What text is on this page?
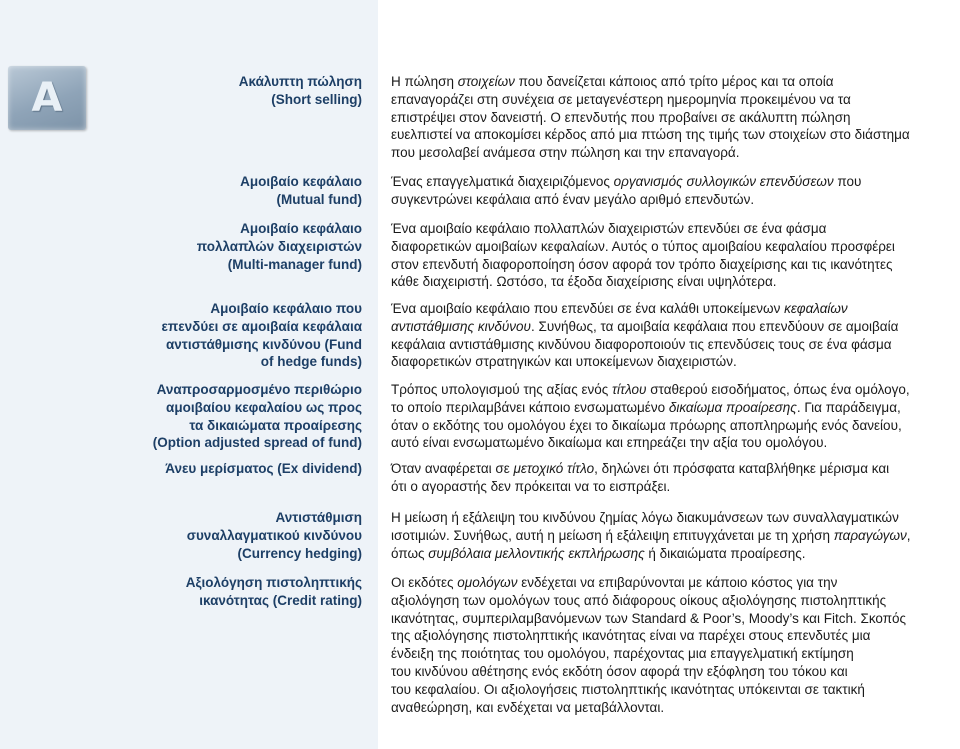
A	Ακάλυπτη πώληση
(Short selling)
Η πώληση στοιχείων που δανείζεται κάποιος από τρίτο μέρος και τα οποία
επαναγοράζει στη συνέχεια σε μεταγενέστερη ημερομηνία προκειμένου να τα
επιστρέψει στον δανειστή. Ο επενδυτής που προβαίνει σε ακάλυπτη πώληση
ευελπιστεί να αποκομίσει κέρδος από μια πτώση της τιμής των στοιχείων στο διάστημα
που μεσολαβεί ανάμεσα στην πώληση και την επαναγορά.
Αμοιβαίο κεφάλαιο
(Mutual fund)
Ένας επαγγελματικά διαχειριζόμενος οργανισμός συλλογικών επενδύσεων που
συγκεντρώνει κεφάλαια από έναν μεγάλο αριθμό επενδυτών.
Αμοιβαίο κεφάλαιο
πολλαπλών διαχειριστών
(Multi-manager fund)
Ένα αμοιβαίο κεφάλαιο πολλαπλών διαχειριστών επενδύει σε ένα φάσμα
διαφορετικών αμοιβαίων κεφαλαίων. Αυτός ο τύπος αμοιβαίου κεφαλαίου προσφέρει
στον επενδυτή διαφοροποίηση όσον αφορά τον τρόπο διαχείρισης και τις ικανότητες
κάθε διαχειριστή. Ωστόσο, τα έξοδα διαχείρισης είναι υψηλότερα.
Αμοιβαίο κεφάλαιο που
επενδύει σε αμοιβαία κεφάλαια
αντιστάθμισης κινδύνου (Fund
of hedge funds)
Ένα αμοιβαίο κεφάλαιο που επενδύει σε ένα καλάθι υποκείμενων κεφαλαίων
αντιστάθμισης κινδύνου. Συνήθως, τα αμοιβαία κεφάλαια που επενδύουν σε αμοιβαία
κεφάλαια αντιστάθμισης κινδύνου διαφοροποιούν τις επενδύσεις τους σε ένα φάσμα
διαφορετικών στρατηγικών και υποκείμενων διαχειριστών.
Αναπροσαρμοσμένο περιθώριο
αμοιβαίου κεφαλαίου ως προς
τα δικαιώματα προαίρεσης
(Option adjusted spread of fund)
Τρόπος υπολογισμού της αξίας ενός τίτλου σταθερού εισοδήματος, όπως ένα ομόλογο,
το οποίο περιλαμβάνει κάποιο ενσωματωμένο δικαίωμα προαίρεσης. Για παράδειγμα,
όταν ο εκδότης του ομολόγου έχει το δικαίωμα πρόωρης αποπληρωμής ενός δανείου,
αυτό είναι ενσωματωμένο δικαίωμα και επηρεάζει την αξία του ομολόγου.
Άνευ μερίσματος (Ex dividend) Όταν αναφέρεται σε μετοχικό τίτλο, δηλώνει ότι πρόσφατα καταβλήθηκε μέρισμα και
ότι ο αγοραστής δεν πρόκειται να το εισπράξει.
Αντιστάθμιση
συναλλαγματικού κινδύνου
(Currency hedging)
Η μείωση ή εξάλειψη του κινδύνου ζημίας λόγω διακυμάνσεων των συναλλαγματικών
ισοτιμιών. Συνήθως, αυτή η μείωση ή εξάλειψη επιτυγχάνεται με τη χρήση παραγώγων,
όπως συμβόλαια μελλοντικής εκπλήρωσης ή δικαιώματα προαίρεσης.
Αξιολόγηση πιστοληπτικής
ικανότητας (Credit rating)
Οι εκδότες ομολόγων ενδέχεται να επιβαρύνονται με κάποιο κόστος για την
αξιολόγηση των ομολόγων τους από διάφορους οίκους αξιολόγησης πιστοληπτικής
ικανότητας, συμπεριλαμβανόμενων των Standard & Poor’s, Moody’s και Fitch. Σκοπός
της αξιολόγησης πιστοληπτικής ικανότητας είναι να παρέχει στους επενδυτές μια
ένδειξη της ποιότητας του ομολόγου, παρέχοντας μια επαγγελματική εκτίμηση
του κινδύνου αθέτησης ενός εκδότη όσον αφορά την εξόφληση του τόκου και
του κεφαλαίου. Οι αξιολογήσεις πιστοληπτικής ικανότητας υπόκεινται σε τακτική
αναθεώρηση, και ενδέχεται να μεταβάλλονται.
